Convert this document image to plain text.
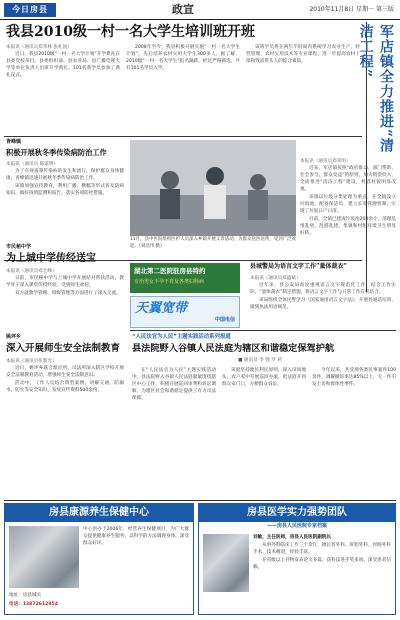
今日房县	政宣	2010年11月8日 星期一 第三版
我县2010级一村一名大学生培训班开班
本报讯（通讯员郑邦林 张礼国）

近日，我县2010级“一村一名大学计划”开学典礼在县委党校举行。县委组织部、县农业局、县广播电视大学等单位负责人出席开学典礼。101名新学员参加了典礼仪式。

2008年至今，我县积极开展实施“一村一名大学生计划”，先后培养农村实用大学生300多人。据了解，2010级“一村一名大学生”报名踊跃，经过严格筛选，共有101名学员入学。

该班学员将在两年半时间内系统学习农业生产、经营管理、农村实用技术等专业课程，进一步提高农村干部和致富带头人的综合素质。	军店镇全力推进“清洁工程”
本报讯（通讯员郑荣明）

近来，军店镇按照“政府推动、部门帮助、社会参与、群众受益”的原则，加大资金投入，全面推进“清洁工程”建设，村容村貌明显改观。

该镇以垃圾分类处理为重点，在全镇设立垃圾池，配备保洁员，建立长效管理机制，实现了垃圾日产日清。

目前，全镇已建成垃圾池200余个，清理乱堆乱放、乱搭乱建，集镇和村组环境卫生明显好转。

青峰镇
积极开展秋冬季传染病防治工作
本报讯（通讯员 陈道明）

为了有效遏制传染病的发生和流行，保护群众身体健康，青峰镇迅速开展秋冬季传染病防治工作。

该镇加强宣传教育，利用广播、横幅等形式普及防病知识，做好疫情监测和报告，落实各项防控措施。

11月，县中医院组织医护人员深入乡镇开展义诊活动，为群众送医送药，受到广泛欢迎。（刘浩伟 摄）
县城警局为语言文字工作”量体裁衣”
本报讯（通讯员郑盛斌）

近年来，县公安局高度重视语言文字规范化工作，结合工作实际，“量体裁衣”制定措施，将语言文字工作与日常工作有机结合。

该局组织全体民警学习《国家通用语言文字法》，开展普通话培训，做到执法用语规范。

市民秘中学
为上城中学传经送宝
本报讯（通讯员邓宏峰）

日前，市民秘中学与上城中学开展结对帮扶活动，教学骨干深入课堂传授经验，受到师生欢迎。

双方就教学管理、班级管理等方面进行了深入交流。

姚坪乡
深入开展师生安全法制教育
本报讯（通讯员张黎光）

近日，姚坪乡联合派出所、司法所深入辖区学校开展安全法制教育活动，增强师生安全法制意识。

活动中，工作人员结合典型案例，讲解交通、防溺水、防火等安全知识，发放宣传资料500余份。

湖北第二医院驻房县特约
专治男女不孕不育及各类妇科病
天翼宽带
中国电信
“人民法官为人民”主题实践活动系列报道
县法院野入谷镇人民法庭为辖区和谐稳定保驾护航
■ 通讯员 李 强 罗 莉

在“人民法官为人民”主题实践活动中，县法院野入谷镇人民法庭紧紧围绕辖区中心工作，积极开展巡回审判和诉讼调解，为辖区社会和谐稳定提供了有力司法保障。

该庭坚持便民利民原则，深入田间地头、农户家中开展巡回办案，把法庭开到群众家门口，方便群众诉讼。

今年以来，共受理各类民事案件100余件，调解撤诉率达85%以上，无一件引发上访和群体性事件。

房县康源养生保健中心
中心创办于2006年，经营养生保健项目，为广大群众提供健康养生服务，以科学的方法调理身体，深受群众好评。
地址：房县城关
电话：13872612954
房县医学实力强势团队
——房县人民医院专家档案
刘敏，主任医师，房县人民医院副院长

从事外科临床工作三十余年，擅长普外科、肝胆外科、胃肠外科手术，技术精湛，经验丰富。

在省级以上刊物发表论文多篇，获科技进步奖多项，深受患者信赖。
